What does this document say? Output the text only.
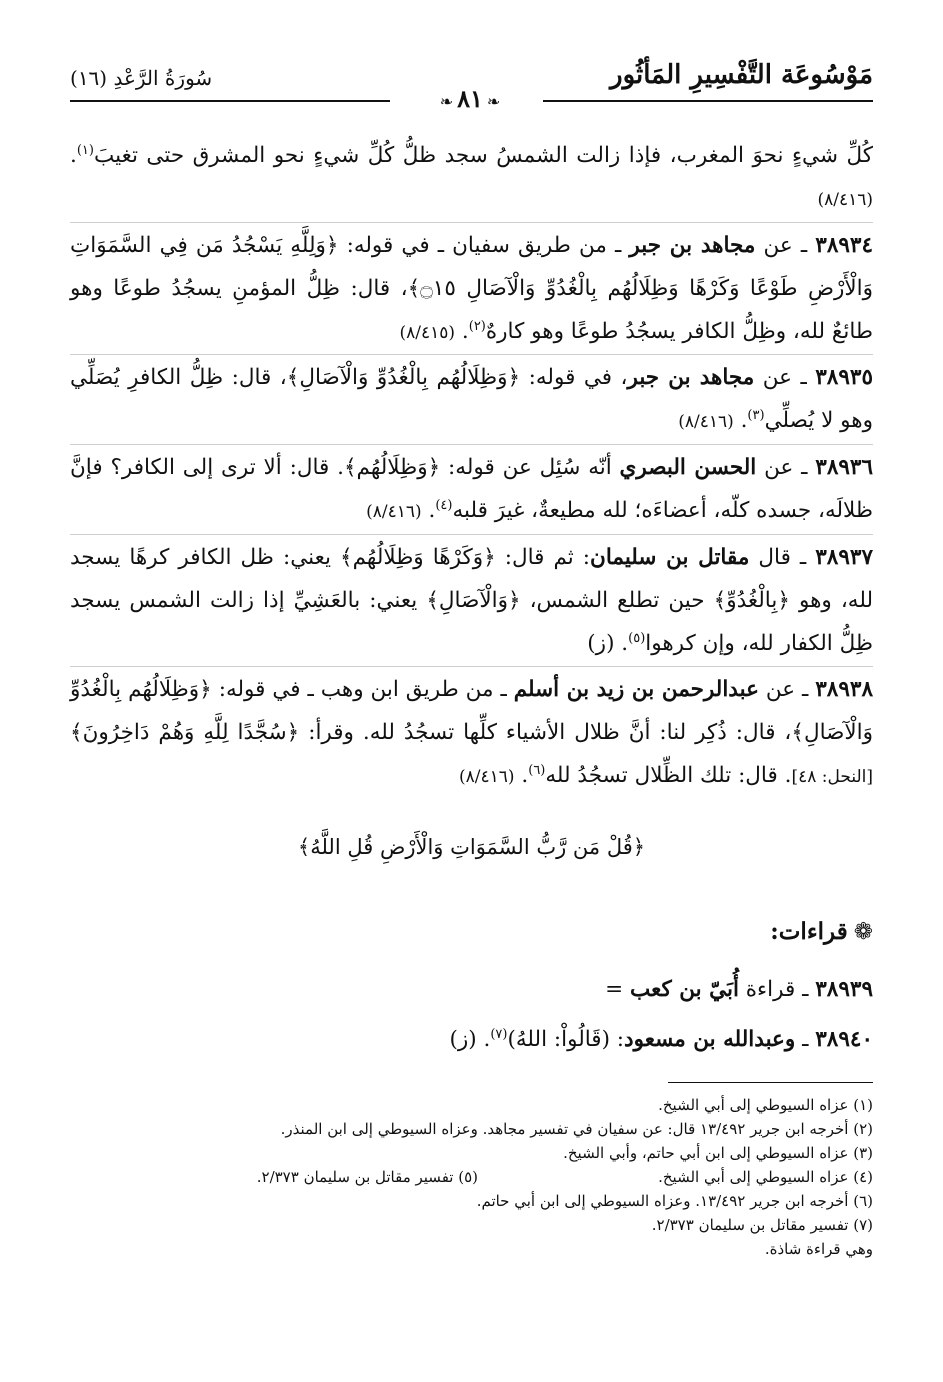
مَوْسُوعَة التَّفْسِيرِ المَأثُور
❧٨١❧
سُورَةُ الرَّعْدِ (١٦)
كُلِّ شيءٍ نحوَ المغرب، فإذا زالت الشمسُ سجد ظلُّ كُلِّ شيءٍ نحو المشرق حتى تغيبَ$^{(١)}$. (٨/٤١٦)
٣٨٩٣٤ ـ عن مجاهد بن جبر ـ من طريق سفيان ـ في قوله: ﴿وَلِلَّهِ يَسْجُدُ مَن فِي السَّمَوَاتِ وَالْأَرْضِ طَوْعًا وَكَرْهًا وَظِلَالُهُم بِالْغُدُوِّ وَالْآصَالِ ۝١٥﴾، قال: ظِلُّ المؤمنِ يسجُدُ طوعًا وهو طائعٌ لله، وظِلُّ الكافر يسجُدُ طوعًا وهو كارهٌ$^{(٢)}$. (٨/٤١٥)
٣٨٩٣٥ ـ عن مجاهد بن جبر، في قوله: ﴿وَظِلَالُهُم بِالْغُدُوِّ وَالْآصَالِ﴾، قال: ظِلُّ الكافرِ يُصَلِّي وهو لا يُصلِّي$^{(٣)}$. (٨/٤١٦)
٣٨٩٣٦ ـ عن الحسن البصري أنّه سُئِل عن قوله: ﴿وَظِلَالُهُم﴾. قال: ألا ترى إلى الكافر؟ فإنَّ ظلالَه، جسده كلّه، أعضاءَه؛ لله مطيعةٌ، غيرَ قلبه$^{(٤)}$. (٨/٤١٦)
٣٨٩٣٧ ـ قال مقاتل بن سليمان: ثم قال: ﴿وَكَرْهًا وَظِلَالُهُم﴾ يعني: ظل الكافر كرهًا يسجد لله، وهو ﴿بِالْغُدُوِّ﴾ حين تطلع الشمس، ﴿وَالْآصَالِ﴾ يعني: بالعَشِيِّ إذا زالت الشمس يسجد ظِلُّ الكفار لله، وإن كرهوا$^{(٥)}$. (ز)
٣٨٩٣٨ ـ عن عبدالرحمن بن زيد بن أسلم ـ من طريق ابن وهب ـ في قوله: ﴿وَظِلَالُهُم بِالْغُدُوِّ وَالْآصَالِ﴾، قال: ذُكِر لنا: أنَّ ظلال الأشياء كلِّها تسجُدُ لله. وقرأ: ﴿سُجَّدًا لِلَّهِ وَهُمْ دَاخِرُونَ﴾ [النحل: ٤٨]. قال: تلك الظِّلال تسجُدُ لله$^{(٦)}$. (٨/٤١٦)
﴿قُلْ مَن رَّبُّ السَّمَوَاتِ وَالْأَرْضِ قُلِ اللَّهُ﴾
❁قراءات:
٣٨٩٣٩ ـ قراءة أُبَيّ بن كعب =
٣٨٩٤٠ ـ وعبدالله بن مسعود: (قَالُواْ: اللهُ)$^{(٧)}$. (ز)
(١) عزاه السيوطي إلى أبي الشيخ.
(٢) أخرجه ابن جرير ١٣/٤٩٢ قال: عن سفيان في تفسير مجاهد. وعزاه السيوطي إلى ابن المنذر.
(٣) عزاه السيوطي إلى ابن أبي حاتم، وأبي الشيخ.
(٤) عزاه السيوطي إلى أبي الشيخ.
(٥) تفسير مقاتل بن سليمان ٢/٣٧٣.
(٦) أخرجه ابن جرير ١٣/٤٩٢. وعزاه السيوطي إلى ابن أبي حاتم.
(٧) تفسير مقاتل بن سليمان ٢/٣٧٣.
وهي قراءة شاذة.
